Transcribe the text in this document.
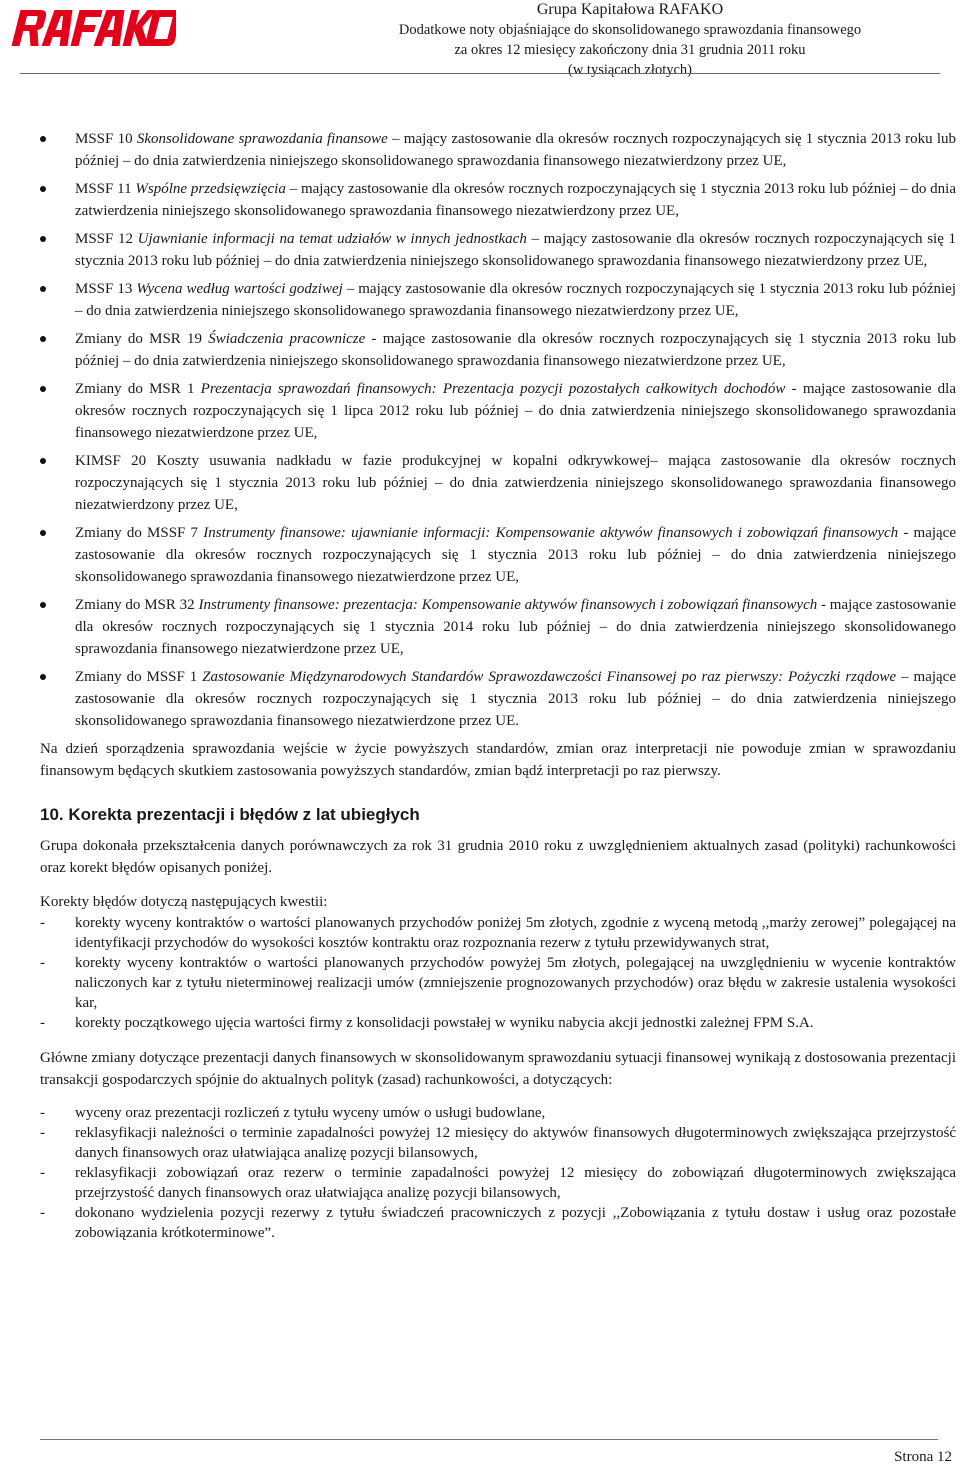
Grupa Kapitałowa RAFAKO
Dodatkowe noty objaśniające do skonsolidowanego sprawozdania finansowego
za okres 12 miesięcy zakończony dnia 31 grudnia 2011 roku
(w tysiącach złotych)
MSSF 10 Skonsolidowane sprawozdania finansowe – mający zastosowanie dla okresów rocznych rozpoczynających się 1 stycznia 2013 roku lub później – do dnia zatwierdzenia niniejszego skonsolidowanego sprawozdania finansowego niezatwierdzony przez UE,
MSSF 11 Wspólne przedsięwzięcia – mający zastosowanie dla okresów rocznych rozpoczynających się 1 stycznia 2013 roku lub później – do dnia zatwierdzenia niniejszego skonsolidowanego sprawozdania finansowego niezatwierdzony przez UE,
MSSF 12 Ujawnianie informacji na temat udziałów w innych jednostkach – mający zastosowanie dla okresów rocznych rozpoczynających się 1 stycznia 2013 roku lub później – do dnia zatwierdzenia niniejszego skonsolidowanego sprawozdania finansowego niezatwierdzony przez UE,
MSSF 13 Wycena według wartości godziwej – mający zastosowanie dla okresów rocznych rozpoczynających się 1 stycznia 2013 roku lub później – do dnia zatwierdzenia niniejszego skonsolidowanego sprawozdania finansowego niezatwierdzony przez UE,
Zmiany do MSR 19 Świadczenia pracownicze - mające zastosowanie dla okresów rocznych rozpoczynających się 1 stycznia 2013 roku lub później – do dnia zatwierdzenia niniejszego skonsolidowanego sprawozdania finansowego niezatwierdzone przez UE,
Zmiany do MSR 1 Prezentacja sprawozdań finansowych: Prezentacja pozycji pozostałych całkowitych dochodów - mające zastosowanie dla okresów rocznych rozpoczynających się 1 lipca 2012 roku lub później – do dnia zatwierdzenia niniejszego skonsolidowanego sprawozdania finansowego niezatwierdzone przez UE,
KIMSF 20 Koszty usuwania nadkładu w fazie produkcyjnej w kopalni odkrywkowej– mająca zastosowanie dla okresów rocznych rozpoczynających się 1 stycznia 2013 roku lub później – do dnia zatwierdzenia niniejszego skonsolidowanego sprawozdania finansowego niezatwierdzony przez UE,
Zmiany do MSSF 7 Instrumenty finansowe: ujawnianie informacji: Kompensowanie aktywów finansowych i zobowiązań finansowych - mające zastosowanie dla okresów rocznych rozpoczynających się 1 stycznia 2013 roku lub później – do dnia zatwierdzenia niniejszego skonsolidowanego sprawozdania finansowego niezatwierdzone przez UE,
Zmiany do MSR 32 Instrumenty finansowe: prezentacja: Kompensowanie aktywów finansowych i zobowiązań finansowych - mające zastosowanie dla okresów rocznych rozpoczynających się 1 stycznia 2014 roku lub później – do dnia zatwierdzenia niniejszego skonsolidowanego sprawozdania finansowego niezatwierdzone przez UE,
Zmiany do MSSF 1 Zastosowanie Międzynarodowych Standardów Sprawozdawczości Finansowej po raz pierwszy: Pożyczki rządowe – mające zastosowanie dla okresów rocznych rozpoczynających się 1 stycznia 2013 roku lub później – do dnia zatwierdzenia niniejszego skonsolidowanego sprawozdania finansowego niezatwierdzone przez UE.

Na dzień sporządzenia sprawozdania wejście w życie powyższych standardów, zmian oraz interpretacji nie powoduje zmian w sprawozdaniu finansowym będących skutkiem zastosowania powyższych standardów, zmian bądź interpretacji po raz pierwszy.

10. Korekta prezentacji i błędów z lat ubiegłych

Grupa dokonała przekształcenia danych porównawczych za rok 31 grudnia 2010 roku z uwzględnieniem aktualnych zasad (polityki) rachunkowości oraz korekt błędów opisanych poniżej.

Korekty błędów dotyczą następujących kwestii:

- korekty wyceny kontraktów o wartości planowanych przychodów poniżej 5m złotych, zgodnie z wyceną metodą ,,marży zerowej” polegającej na identyfikacji przychodów do wysokości kosztów kontraktu oraz rozpoznania rezerw z tytułu przewidywanych strat,
- korekty wyceny kontraktów o wartości planowanych przychodów powyżej 5m złotych, polegającej na uwzględnieniu w wycenie kontraktów naliczonych kar z tytułu nieterminowej realizacji umów (zmniejszenie prognozowanych przychodów) oraz błędu w zakresie ustalenia wysokości kar,
- korekty początkowego ujęcia wartości firmy z konsolidacji powstałej w wyniku nabycia akcji jednostki zależnej FPM S.A.

Główne zmiany dotyczące prezentacji danych finansowych w skonsolidowanym sprawozdaniu sytuacji finansowej wynikają z dostosowania prezentacji transakcji gospodarczych spójnie do aktualnych polityk (zasad) rachunkowości, a dotyczących:

- wyceny oraz prezentacji rozliczeń z tytułu wyceny umów o usługi budowlane,
- reklasyfikacji należności o terminie zapadalności powyżej 12 miesięcy do aktywów finansowych długoterminowych zwiększająca przejrzystość danych finansowych oraz ułatwiająca analizę pozycji bilansowych,
- reklasyfikacji zobowiązań oraz rezerw o terminie zapadalności powyżej 12 miesięcy do zobowiązań długoterminowych zwiększająca przejrzystość danych finansowych oraz ułatwiająca analizę pozycji bilansowych,
- dokonano wydzielenia pozycji rezerwy z tytułu świadczeń pracowniczych z pozycji ,,Zobowiązania z tytułu dostaw i usług oraz pozostałe zobowiązania krótkoterminowe”.
Strona 12
